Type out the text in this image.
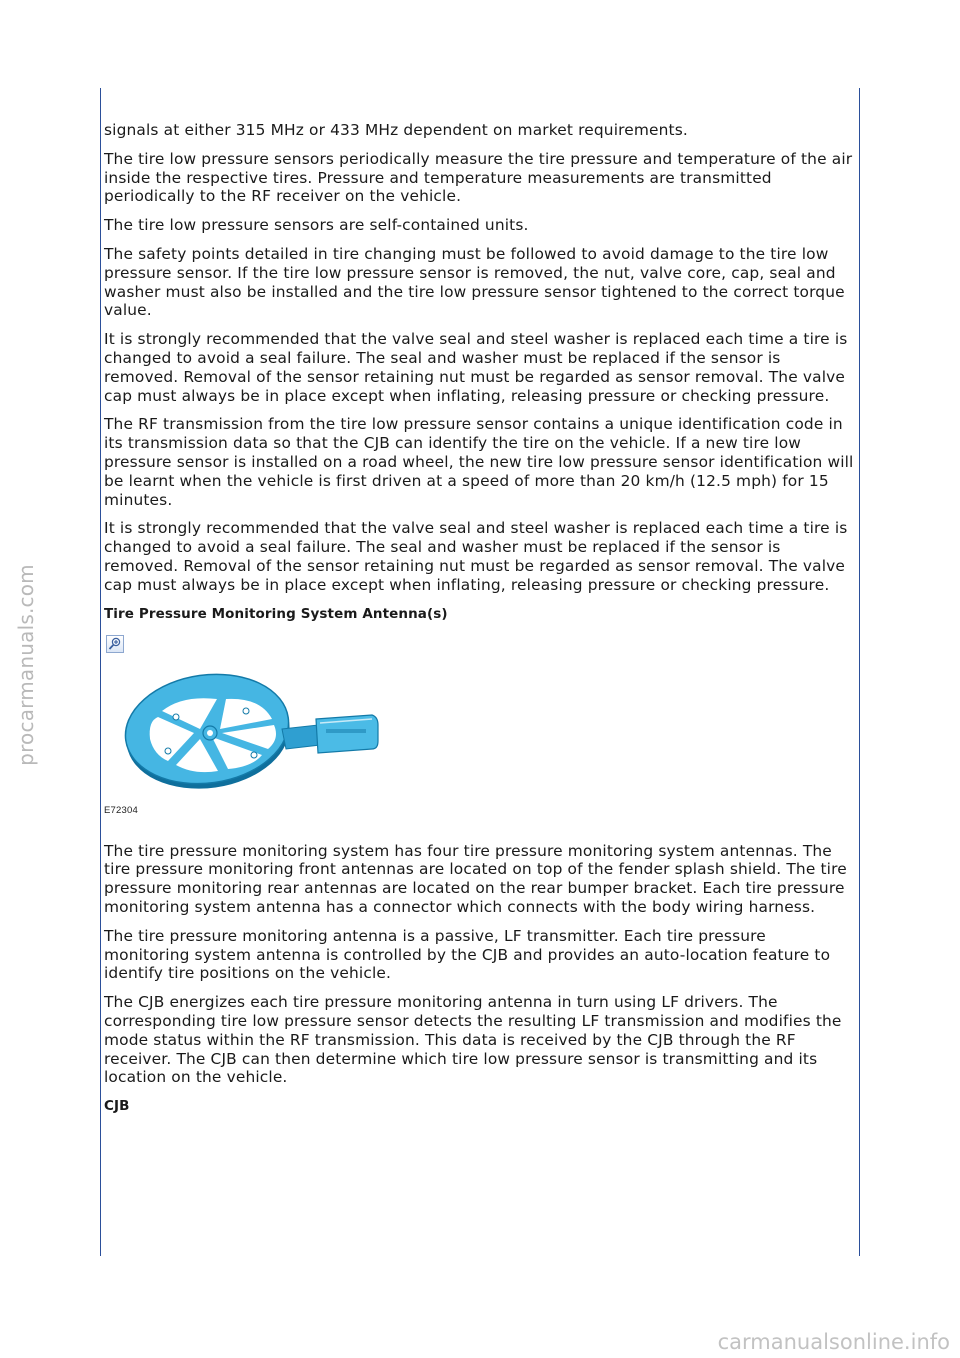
procarmanuals.com

signals at either 315 MHz or 433 MHz dependent on market requirements.

The tire low pressure sensors periodically measure the tire pressure and temperature of the air inside the respective tires. Pressure and temperature measurements are transmitted periodically to the RF receiver on the vehicle.

The tire low pressure sensors are self-contained units.

The safety points detailed in tire changing must be followed to avoid damage to the tire low pressure sensor. If the tire low pressure sensor is removed, the nut, valve core, cap, seal and washer must also be installed and the tire low pressure sensor tightened to the correct torque value.

It is strongly recommended that the valve seal and steel washer is replaced each time a tire is changed to avoid a seal failure. The seal and washer must be replaced if the sensor is removed. Removal of the sensor retaining nut must be regarded as sensor removal. The valve cap must always be in place except when inflating, releasing pressure or checking pressure.

The RF transmission from the tire low pressure sensor contains a unique identification code in its transmission data so that the CJB can identify the tire on the vehicle. If a new tire low pressure sensor is installed on a road wheel, the new tire low pressure sensor identification will be learnt when the vehicle is first driven at a speed of more than 20 km/h (12.5 mph) for 15 minutes.

It is strongly recommended that the valve seal and steel washer is replaced each time a tire is changed to avoid a seal failure. The seal and washer must be replaced if the sensor is removed. Removal of the sensor retaining nut must be regarded as sensor removal. The valve cap must always be in place except when inflating, releasing pressure or checking pressure.

Tire Pressure Monitoring System Antenna(s)
E72304

The tire pressure monitoring system has four tire pressure monitoring system antennas. The tire pressure monitoring front antennas are located on top of the fender splash shield. The tire pressure monitoring rear antennas are located on the rear bumper bracket. Each tire pressure monitoring system antenna has a connector which connects with the body wiring harness.

The tire pressure monitoring antenna is a passive, LF transmitter. Each tire pressure monitoring system antenna is controlled by the CJB and provides an auto-location feature to identify tire positions on the vehicle.

The CJB energizes each tire pressure monitoring antenna in turn using LF drivers. The corresponding tire low pressure sensor detects the resulting LF transmission and modifies the mode status within the RF transmission. This data is received by the CJB through the RF receiver. The CJB can then determine which tire low pressure sensor is transmitting and its location on the vehicle.

CJB
carmanualsonline.info
